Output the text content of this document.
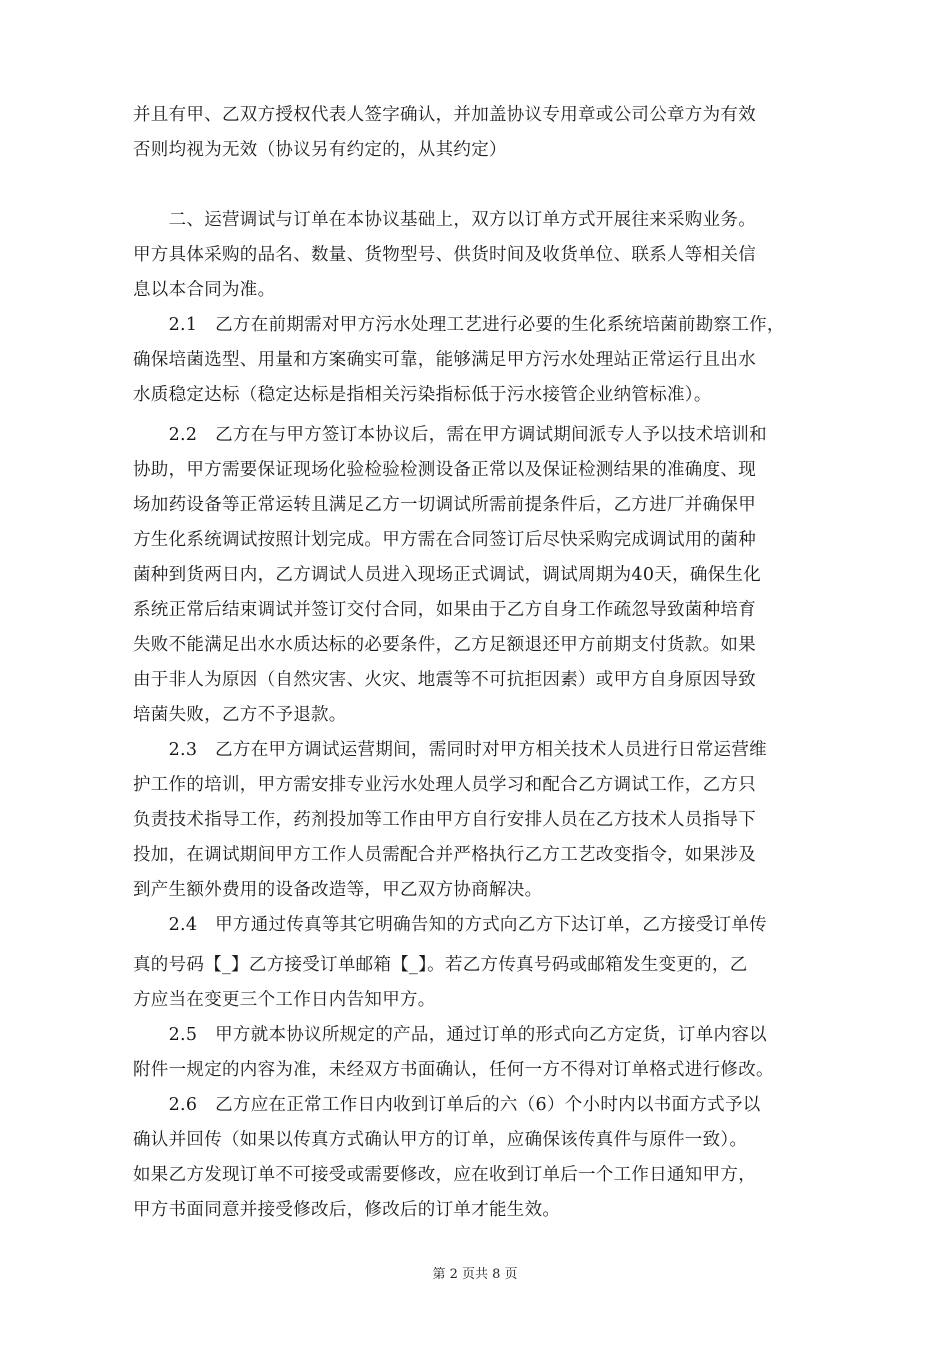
并且有甲、乙双方授权代表人签字确认，并加盖协议专用章或公司公章方为有效
否则均视为无效（协议另有约定的，从其约定）
　　二、运营调试与订单在本协议基础上，双方以订单方式开展往来采购业务。
甲方具体采购的品名、数量、货物型号、供货时间及收货单位、联系人等相关信
息以本合同为准。
　　2.1　乙方在前期需对甲方污水处理工艺进行必要的生化系统培菌前勘察工作，
确保培菌选型、用量和方案确实可靠，能够满足甲方污水处理站正常运行且出水
水质稳定达标（稳定达标是指相关污染指标低于污水接管企业纳管标准）。
　　2.2　乙方在与甲方签订本协议后，需在甲方调试期间派专人予以技术培训和
协助，甲方需要保证现场化验检验检测设备正常以及保证检测结果的准确度、现
场加药设备等正常运转且满足乙方一切调试所需前提条件后，乙方进厂并确保甲
方生化系统调试按照计划完成。甲方需在合同签订后尽快采购完成调试用的菌种
菌种到货两日内，乙方调试人员进入现场正式调试，调试周期为40天，确保生化
系统正常后结束调试并签订交付合同，如果由于乙方自身工作疏忽导致菌种培育
失败不能满足出水水质达标的必要条件，乙方足额退还甲方前期支付货款。如果
由于非人为原因（自然灾害、火灾、地震等不可抗拒因素）或甲方自身原因导致
培菌失败，乙方不予退款。
　　2.3　乙方在甲方调试运营期间，需同时对甲方相关技术人员进行日常运营维
护工作的培训，甲方需安排专业污水处理人员学习和配合乙方调试工作，乙方只
负责技术指导工作，药剂投加等工作由甲方自行安排人员在乙方技术人员指导下
投加，在调试期间甲方工作人员需配合并严格执行乙方工艺改变指令，如果涉及
到产生额外费用的设备改造等，甲乙双方协商解决。
　　2.4　甲方通过传真等其它明确告知的方式向乙方下达订单，乙方接受订单传
真的号码【_】乙方接受订单邮箱【_】。若乙方传真号码或邮箱发生变更的，乙
方应当在变更三个工作日内告知甲方。
　　2.5　甲方就本协议所规定的产品，通过订单的形式向乙方定货，订单内容以
附件一规定的内容为准，未经双方书面确认，任何一方不得对订单格式进行修改。
　　2.6　乙方应在正常工作日内收到订单后的六（6）个小时内以书面方式予以
确认并回传（如果以传真方式确认甲方的订单，应确保该传真件与原件一致）。
如果乙方发现订单不可接受或需要修改，应在收到订单后一个工作日通知甲方，
甲方书面同意并接受修改后，修改后的订单才能生效。
第 2 页共 8 页
